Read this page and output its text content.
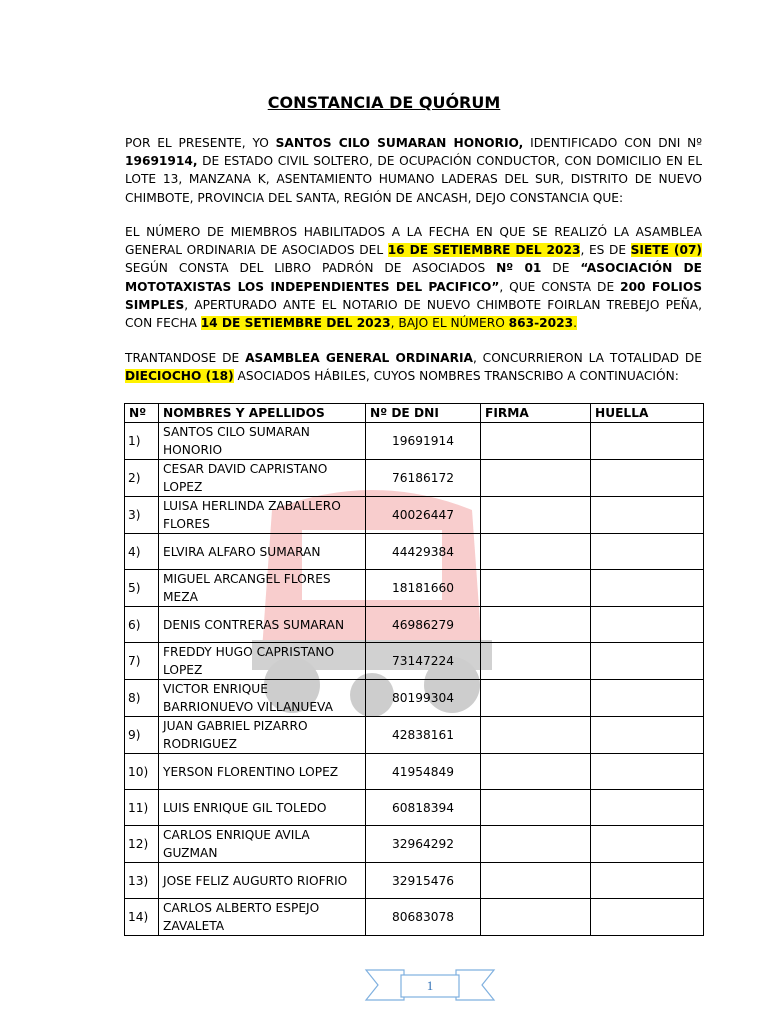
CONSTANCIA DE QUÓRUM
POR EL PRESENTE, YO SANTOS CILO SUMARAN HONORIO, IDENTIFICADO CON DNI Nº 19691914, DE ESTADO CIVIL SOLTERO, DE OCUPACIÓN CONDUCTOR, CON DOMICILIO EN EL LOTE 13, MANZANA K, ASENTAMIENTO HUMANO LADERAS DEL SUR, DISTRITO DE NUEVO CHIMBOTE, PROVINCIA DEL SANTA, REGIÓN DE ANCASH, DEJO CONSTANCIA QUE:
EL NÚMERO DE MIEMBROS HABILITADOS A LA FECHA EN QUE SE REALIZÓ LA ASAMBLEA GENERAL ORDINARIA DE ASOCIADOS DEL 16 DE SETIEMBRE DEL 2023, ES DE SIETE (07) SEGÚN CONSTA DEL LIBRO PADRÓN DE ASOCIADOS Nº 01 DE “ASOCIACIÓN DE MOTOTAXISTAS LOS INDEPENDIENTES DEL PACIFICO”, QUE CONSTA DE 200 FOLIOS SIMPLES, APERTURADO ANTE EL NOTARIO DE NUEVO CHIMBOTE FOIRLAN TREBEJO PEÑA, CON FECHA 14 DE SETIEMBRE DEL 2023, BAJO EL NÚMERO 863-2023.
TRANTANDOSE DE ASAMBLEA GENERAL ORDINARIA, CONCURRIERON LA TOTALIDAD DE DIECIOCHO (18) ASOCIADOS HÁBILES, CUYOS NOMBRES TRANSCRIBO A CONTINUACIÓN:
Nº	NOMBRES Y APELLIDOS	Nº DE DNI	FIRMA	HUELLA
1)	SANTOS CILO SUMARAN HONORIO	19691914		
2)	CESAR DAVID CAPRISTANO LOPEZ	76186172		
3)	LUISA HERLINDA ZABALLERO FLORES	40026447		
4)	ELVIRA ALFARO SUMARAN	44429384		
5)	MIGUEL ARCANGEL FLORES MEZA	18181660		
6)	DENIS CONTRERAS SUMARAN	46986279		
7)	FREDDY HUGO CAPRISTANO LOPEZ	73147224		
8)	VICTOR ENRIQUE BARRIONUEVO VILLANUEVA	80199304		
9)	JUAN GABRIEL PIZARRO RODRIGUEZ	42838161		
10)	YERSON FLORENTINO LOPEZ	41954849		
11)	LUIS ENRIQUE GIL TOLEDO	60818394		
12)	CARLOS ENRIQUE AVILA GUZMAN	32964292		
13)	JOSE FELIZ AUGURTO RIOFRIO	32915476		
14)	CARLOS ALBERTO ESPEJO ZAVALETA	80683078		
1
